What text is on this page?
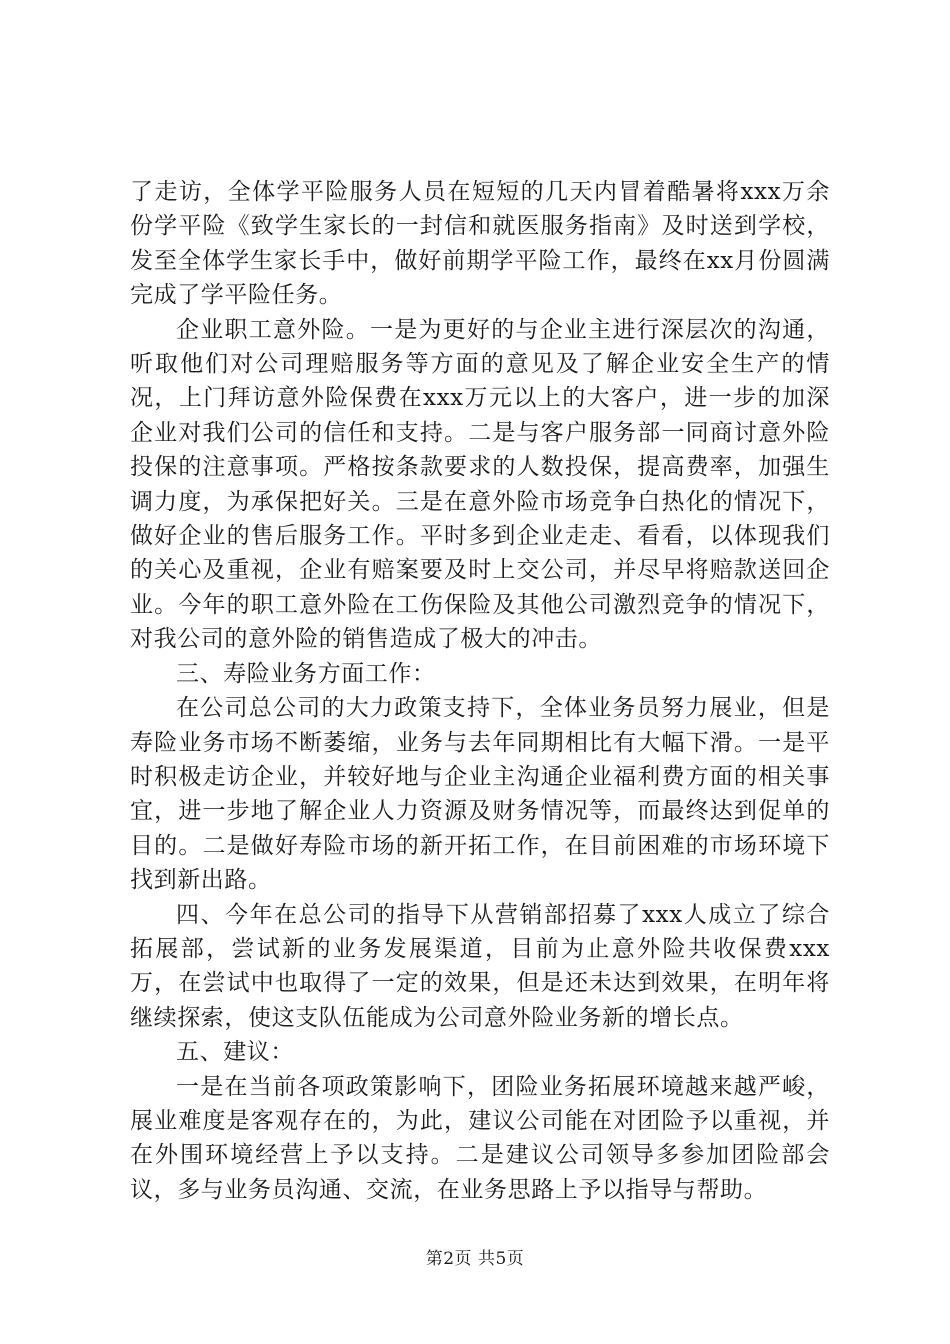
了走访，全体学平险服务人员在短短的几天内冒着酷暑将xxx万余份学平险《致学生家长的一封信和就医服务指南》及时送到学校，发至全体学生家长手中，做好前期学平险工作，最终在xx月份圆满完成了学平险任务。

企业职工意外险。一是为更好的与企业主进行深层次的沟通，听取他们对公司理赔服务等方面的意见及了解企业安全生产的情况，上门拜访意外险保费在xxx万元以上的大客户，进一步的加深企业对我们公司的信任和支持。二是与客户服务部一同商讨意外险投保的注意事项。严格按条款要求的人数投保，提高费率，加强生调力度，为承保把好关。三是在意外险市场竞争白热化的情况下，做好企业的售后服务工作。平时多到企业走走、看看，以体现我们的关心及重视，企业有赔案要及时上交公司，并尽早将赔款送回企业。今年的职工意外险在工伤保险及其他公司激烈竞争的情况下，对我公司的意外险的销售造成了极大的冲击。

三、寿险业务方面工作：

在公司总公司的大力政策支持下，全体业务员努力展业，但是寿险业务市场不断萎缩，业务与去年同期相比有大幅下滑。一是平时积极走访企业，并较好地与企业主沟通企业福利费方面的相关事宜，进一步地了解企业人力资源及财务情况等，而最终达到促单的目的。二是做好寿险市场的新开拓工作，在目前困难的市场环境下找到新出路。

四、今年在总公司的指导下从营销部招募了xxx人成立了综合拓展部，尝试新的业务发展渠道，目前为止意外险共收保费xxx万，在尝试中也取得了一定的效果，但是还未达到效果，在明年将继续探索，使这支队伍能成为公司意外险业务新的增长点。

五、建议：

一是在当前各项政策影响下，团险业务拓展环境越来越严峻，展业难度是客观存在的，为此，建议公司能在对团险予以重视，并在外围环境经营上予以支持。二是建议公司领导多参加团险部会议，多与业务员沟通、交流，在业务思路上予以指导与帮助。

第2页 共5页
